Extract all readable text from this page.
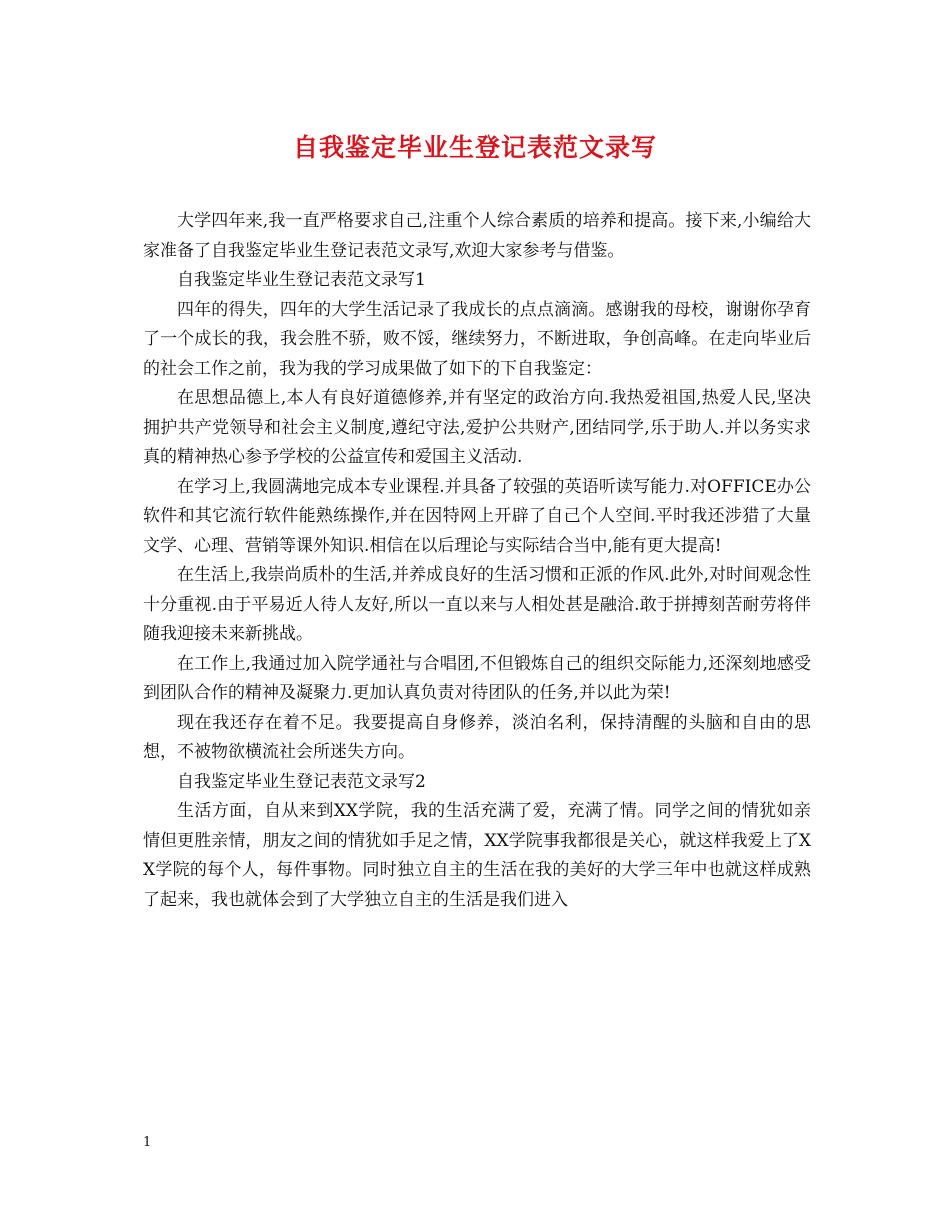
自我鉴定毕业生登记表范文录写

大学四年来,我一直严格要求自己,注重个人综合素质的培养和提高。接下来,小编给大家准备了自我鉴定毕业生登记表范文录写,欢迎大家参考与借鉴。

自我鉴定毕业生登记表范文录写1

四年的得失，四年的大学生活记录了我成长的点点滴滴。感谢我的母校，谢谢你孕育了一个成长的我，我会胜不骄，败不馁，继续努力，不断进取，争创高峰。在走向毕业后的社会工作之前，我为我的学习成果做了如下的下自我鉴定：

在思想品德上,本人有良好道德修养,并有坚定的政治方向.我热爱祖国,热爱人民,坚决拥护共产党领导和社会主义制度,遵纪守法,爱护公共财产,团结同学,乐于助人.并以务实求真的精神热心参予学校的公益宣传和爱国主义活动.

在学习上,我圆满地完成本专业课程.并具备了较强的英语听读写能力.对OFFICE办公软件和其它流行软件能熟练操作,并在因特网上开辟了自己个人空间.平时我还涉猎了大量文学、心理、营销等课外知识.相信在以后理论与实际结合当中,能有更大提高!

在生活上,我崇尚质朴的生活,并养成良好的生活习惯和正派的作风.此外,对时间观念性十分重视.由于平易近人待人友好,所以一直以来与人相处甚是融洽.敢于拼搏刻苦耐劳将伴随我迎接未来新挑战。

在工作上,我通过加入院学通社与合唱团,不但锻炼自己的组织交际能力,还深刻地感受到团队合作的精神及凝聚力.更加认真负责对待团队的任务,并以此为荣!

现在我还存在着不足。我要提高自身修养，淡泊名利，保持清醒的头脑和自由的思想，不被物欲横流社会所迷失方向。

自我鉴定毕业生登记表范文录写2

生活方面，自从来到XX学院，我的生活充满了爱，充满了情。同学之间的情犹如亲情但更胜亲情，朋友之间的情犹如手足之情，XX学院事我都很是关心，就这样我爱上了XX学院的每个人，每件事物。同时独立自主的生活在我的美好的大学三年中也就这样成熟了起来，我也就体会到了大学独立自主的生活是我们进入

1
